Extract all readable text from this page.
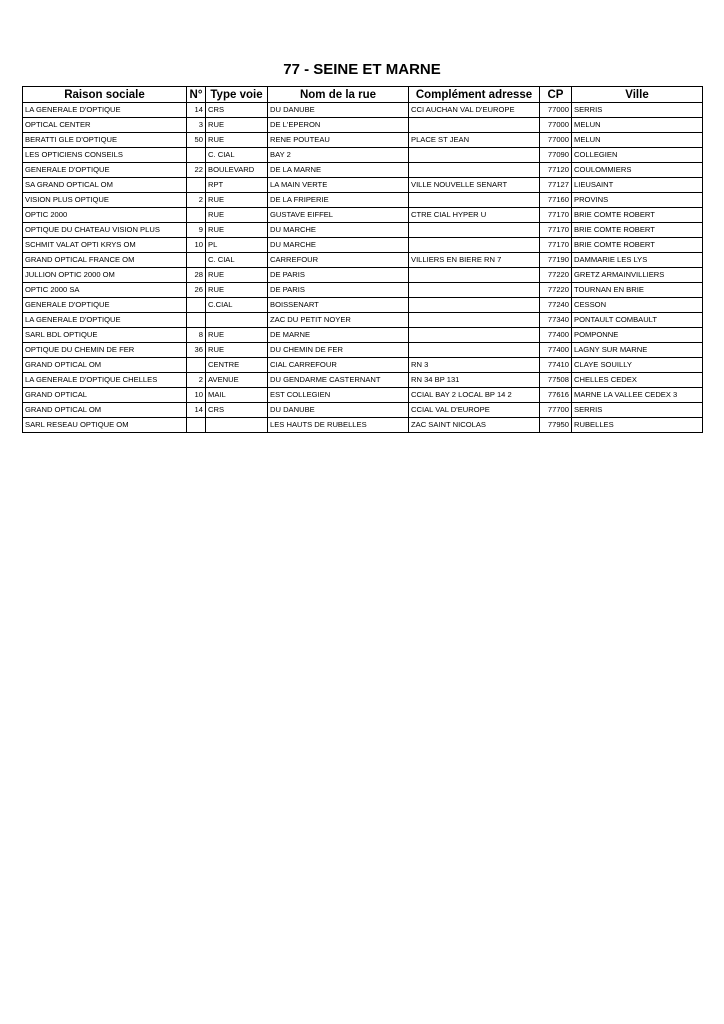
77 - SEINE ET MARNE
Raison sociale	N°	Type voie	Nom de la rue	Complément adresse	CP	Ville
LA GENERALE D'OPTIQUE	14	CRS	DU DANUBE	CCI AUCHAN VAL D'EUROPE	77000	SERRIS
OPTICAL CENTER	3	RUE	DE L'EPERON		77000	MELUN
BERATTI GLE D'OPTIQUE	50	RUE	RENE POUTEAU	PLACE ST JEAN	77000	MELUN
LES OPTICIENS CONSEILS		C. CIAL	BAY 2		77090	COLLEGIEN
GENERALE D'OPTIQUE	22	BOULEVARD	DE LA MARNE		77120	COULOMMIERS
SA GRAND OPTICAL OM		RPT	LA MAIN VERTE	VILLE NOUVELLE SENART	77127	LIEUSAINT
VISION PLUS OPTIQUE	2	RUE	DE LA FRIPERIE		77160	PROVINS
OPTIC 2000		RUE	GUSTAVE EIFFEL	CTRE CIAL HYPER U	77170	BRIE COMTE ROBERT
OPTIQUE DU CHATEAU VISION PLUS	9	RUE	DU MARCHE		77170	BRIE COMTE ROBERT
SCHMIT VALAT OPTI KRYS OM	10	PL	DU MARCHE		77170	BRIE COMTE ROBERT
GRAND OPTICAL FRANCE OM		C. CIAL	CARREFOUR	VILLIERS EN BIERE RN 7	77190	DAMMARIE LES LYS
JULLION OPTIC 2000 OM	28	RUE	DE PARIS		77220	GRETZ ARMAINVILLIERS
OPTIC 2000 SA	26	RUE	DE PARIS		77220	TOURNAN EN BRIE
GENERALE D'OPTIQUE		C.CIAL	BOISSENART		77240	CESSON
LA GENERALE D'OPTIQUE			ZAC DU PETIT NOYER		77340	PONTAULT COMBAULT
SARL BDL OPTIQUE	8	RUE	DE MARNE		77400	POMPONNE
OPTIQUE DU CHEMIN DE FER	36	RUE	DU CHEMIN DE FER		77400	LAGNY SUR MARNE
GRAND OPTICAL OM		CENTRE	CIAL CARREFOUR	RN 3	77410	CLAYE SOUILLY
LA GENERALE D'OPTIQUE CHELLES	2	AVENUE	DU GENDARME CASTERNANT	RN 34 BP 131	77508	CHELLES CEDEX
GRAND OPTICAL	10	MAIL	EST COLLEGIEN	CCIAL BAY 2 LOCAL BP 14 2	77616	MARNE LA VALLEE CEDEX 3
GRAND OPTICAL OM	14	CRS	DU DANUBE	CCIAL VAL D'EUROPE	77700	SERRIS
SARL RESEAU OPTIQUE OM			LES HAUTS DE RUBELLES	ZAC SAINT NICOLAS	77950	RUBELLES
